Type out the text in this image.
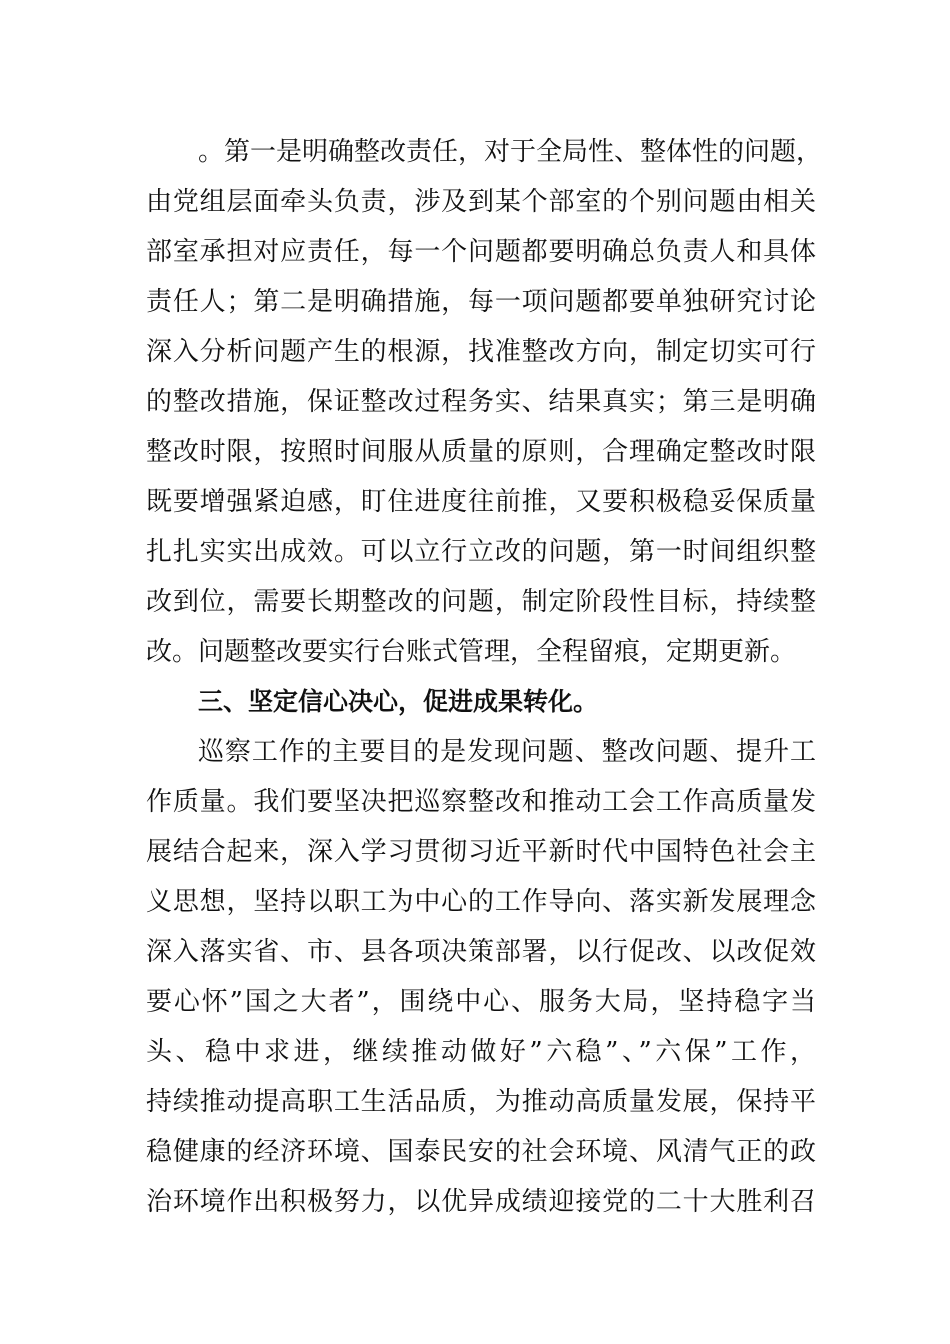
。第一是明确整改责任，对于全局性、整体性的问题，
由党组层面牵头负责，涉及到某个部室的个别问题由相关
部室承担对应责任，每一个问题都要明确总负责人和具体
责任人；第二是明确措施，每一项问题都要单独研究讨论
深入分析问题产生的根源，找准整改方向，制定切实可行
的整改措施，保证整改过程务实、结果真实；第三是明确
整改时限，按照时间服从质量的原则，合理确定整改时限
既要增强紧迫感，盯住进度往前推，又要积极稳妥保质量
扎扎实实出成效。可以立行立改的问题，第一时间组织整
改到位，需要长期整改的问题，制定阶段性目标，持续整
改。问题整改要实行台账式管理，全程留痕，定期更新。
三、坚定信心决心，促进成果转化。
巡察工作的主要目的是发现问题、整改问题、提升工
作质量。我们要坚决把巡察整改和推动工会工作高质量发
展结合起来，深入学习贯彻习近平新时代中国特色社会主
义思想，坚持以职工为中心的工作导向、落实新发展理念
深入落实省、市、县各项决策部署，以行促改、以改促效
要心怀”国之大者”，围绕中心、服务大局，坚持稳字当
头、稳中求进，继续推动做好”六稳”、”六保”工作，
持续推动提高职工生活品质，为推动高质量发展，保持平
稳健康的经济环境、国泰民安的社会环境、风清气正的政
治环境作出积极努力，以优异成绩迎接党的二十大胜利召
